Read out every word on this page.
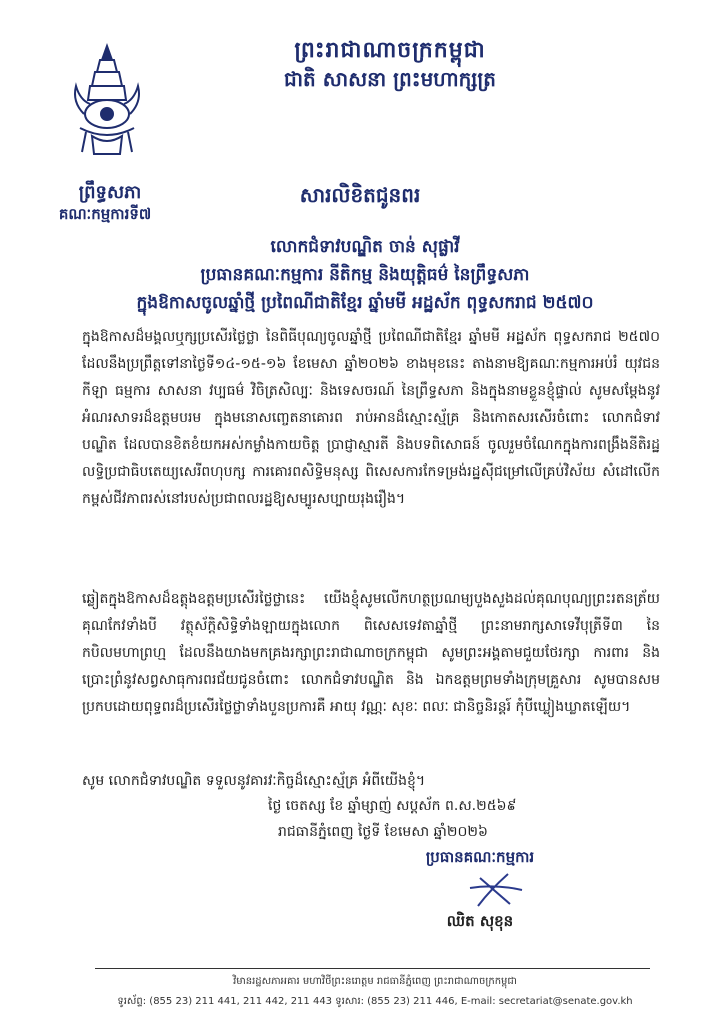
ព្រះរាជាណាចក្រកម្ពុជា
ជាតិ សាសនា ព្រះមហាក្សត្រ
ព្រឹទ្ធសភា
គណៈកម្មការទី៧
សារលិខិតជូនពរ
លោកជំទាវបណ្ឌិត ចាន់ សុផ្លាវី
ប្រធានគណៈកម្មការ នីតិកម្ម និងយុត្តិធម៌ នៃព្រឹទ្ធសភា
ក្នុងឱកាសចូលឆ្នាំថ្មី ប្រពៃណីជាតិខ្មែរ ឆ្នាំមមី អដ្ឋស័ក ពុទ្ធសករាជ ២៥៧០
ក្នុងឱកាសដ៏មង្គលឬក្សប្រសើរថ្លៃថ្លា នៃពិធីបុណ្យចូលឆ្នាំថ្មី ប្រពៃណីជាតិខ្មែរ ឆ្នាំមមី អដ្ឋស័ក ពុទ្ធសករាជ ២៥៧០ ដែលនឹងប្រព្រឹត្តទៅនាថ្ងៃទី១៤-១៥-១៦ ខែមេសា ឆ្នាំ២០២៦ ខាងមុខនេះ តាងនាមឱ្យគណៈកម្មការអប់រំ យុវជន កីឡា ធម្មការ សាសនា វប្បធម៌ វិចិត្រសិល្បៈ និងទេសចរណ៍ នៃព្រឹទ្ធសភា និងក្នុងនាមខ្លួនខ្ញុំផ្ទាល់ សូមសម្ដែងនូវអំណរសាទរដ៏ឧត្តមបរម ក្នុងមនោសញ្ចេតនាគោរព រាប់អានដ៏ស្មោះស្ម័គ្រ និងកោតសរសើរចំពោះ លោកជំទាវបណ្ឌិត ដែលបានខិតខំយកអស់កម្លាំងកាយចិត្ត ប្រាជ្ញាស្មារតី និងបទពិសោធន៍ ចូលរួមចំណែកក្នុងការពង្រឹងនីតិរដ្ឋ លទ្ធិប្រជាធិបតេយ្យសេរីពហុបក្ស ការគោរពសិទ្ធិមនុស្ស ពិសេសការកែទម្រង់រដ្ឋស៊ីជម្រៅលើគ្រប់វិស័យ សំដៅលើកកម្ពស់ជីវភាពរស់នៅរបស់ប្រជាពលរដ្ឋឱ្យសម្បូរសប្បាយរុងរឿង។
ឆ្លៀតក្នុងឱកាសដ៏ឧត្តុងឧត្តមប្រសើរថ្លៃថ្លានេះ យើងខ្ញុំសូមលើកហត្ថប្រណម្យបួងសួងដល់គុណបុណ្យព្រះរតនត្រ័យគុណកែវទាំងបី វត្ថុស័ក្ដិសិទ្ធិទាំងឡាយក្នុងលោក ពិសេសទេវតាឆ្នាំថ្មី ព្រះនាមរាក្សសាទេវីបុត្រីទី៣ នៃកបិលមហាព្រហ្ម ដែលនឹងយាងមកគ្រងរក្សាព្រះរាជាណាចក្រកម្ពុជា សូមព្រះអង្គតាមជួយថែរក្សា ការពារ និងប្រោះព្រំនូវសព្វសាធុការពរជ័យជូនចំពោះ លោកជំទាវបណ្ឌិត និង ឯកឧត្តមព្រមទាំងក្រុមគ្រួសារ សូមបានសមប្រកបដោយពុទ្ធពរដ៏ប្រសើរថ្លៃថ្លាទាំងបួនប្រការគឺ អាយុ វណ្ណៈ សុខៈ ពលៈ ជានិច្ចនិរន្តរ៍ កុំបីឃ្លៀងឃ្លាតឡើយ។
សូម លោកជំទាវបណ្ឌិត ទទួលនូវគារវៈកិច្ចដ៏ស្មោះស្ម័គ្រ អំពីយើងខ្ញុំ។
ថ្ងៃ ចេតស្ស ខែ ឆ្នាំម្សាញ់ សប្តស័ក ព.ស.២៥៦៩
រាជធានីភ្នំពេញ ថ្ងៃទី ខែមេសា ឆ្នាំ២០២៦
ប្រធានគណៈកម្មការ
ឈិត សុខុន
វិមានរដ្ឋសភាអគារ មហាវិថីព្រះនរោត្តម រាជធានីភ្នំពេញ ព្រះរាជាណាចក្រកម្ពុជា
ទូរស័ព្ទ: (855 23) 211 441, 211 442, 211 443 ទូរសារ: (855 23) 211 446, E-mail: secretariat@senate.gov.kh
